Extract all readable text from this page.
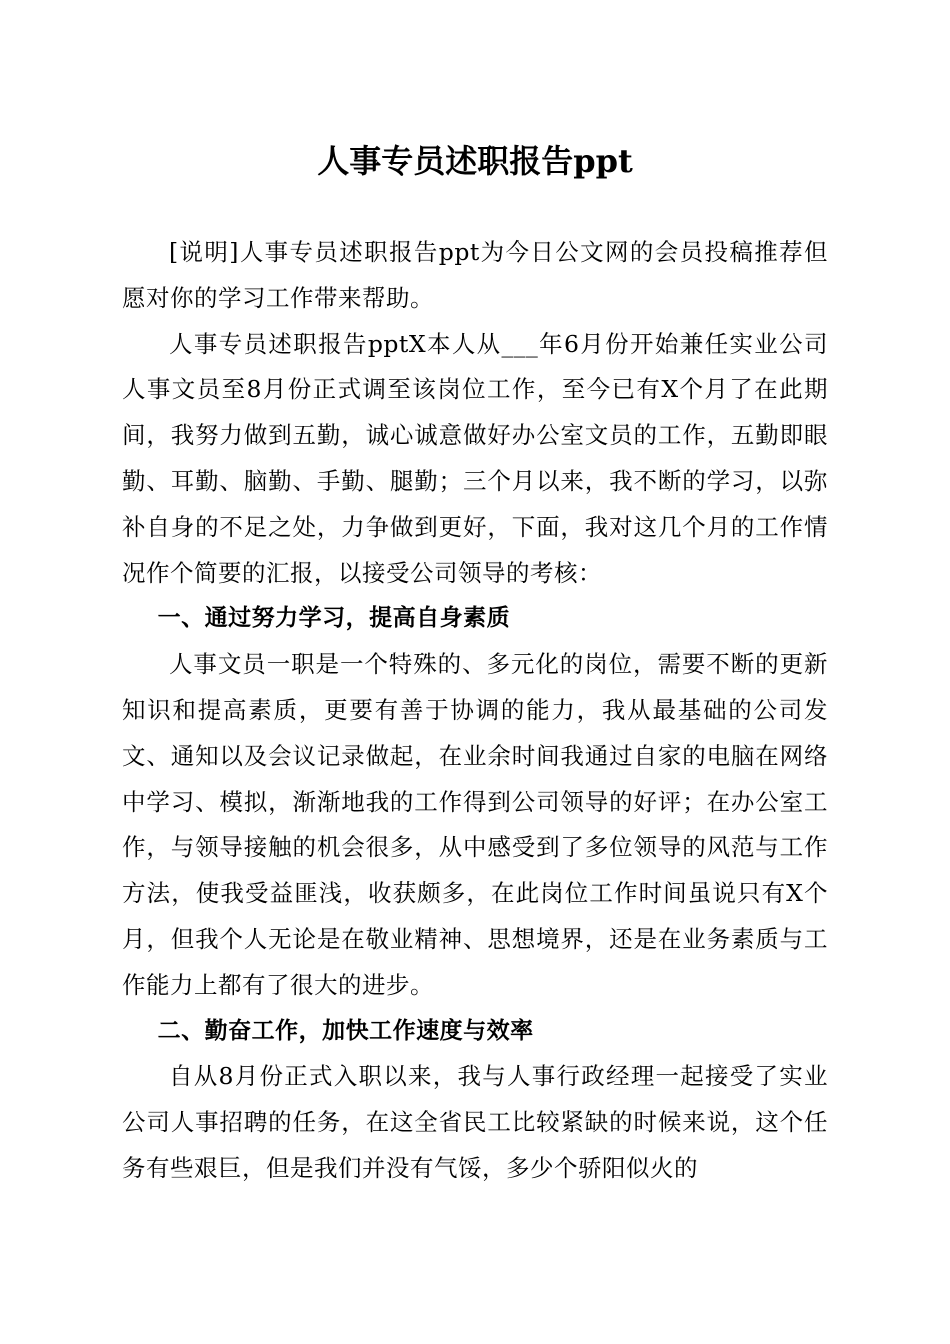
人事专员述职报告ppt

[说明]人事专员述职报告ppt为今日公文网的会员投稿推荐但愿对你的学习工作带来帮助。

人事专员述职报告pptX本人从___年6月份开始兼任实业公司人事文员至8月份正式调至该岗位工作，至今已有X个月了在此期间，我努力做到五勤，诚心诚意做好办公室文员的工作，五勤即眼勤、耳勤、脑勤、手勤、腿勤；三个月以来，我不断的学习，以弥补自身的不足之处，力争做到更好，下面，我对这几个月的工作情况作个简要的汇报，以接受公司领导的考核：

一、通过努力学习，提高自身素质

人事文员一职是一个特殊的、多元化的岗位，需要不断的更新知识和提高素质，更要有善于协调的能力，我从最基础的公司发文、通知以及会议记录做起，在业余时间我通过自家的电脑在网络中学习、模拟，渐渐地我的工作得到公司领导的好评；在办公室工作，与领导接触的机会很多，从中感受到了多位领导的风范与工作方法，使我受益匪浅，收获颇多，在此岗位工作时间虽说只有X个月，但我个人无论是在敬业精神、思想境界，还是在业务素质与工作能力上都有了很大的进步。

二、勤奋工作，加快工作速度与效率

自从8月份正式入职以来，我与人事行政经理一起接受了实业公司人事招聘的任务，在这全省民工比较紧缺的时候来说，这个任务有些艰巨，但是我们并没有气馁，多少个骄阳似火的
